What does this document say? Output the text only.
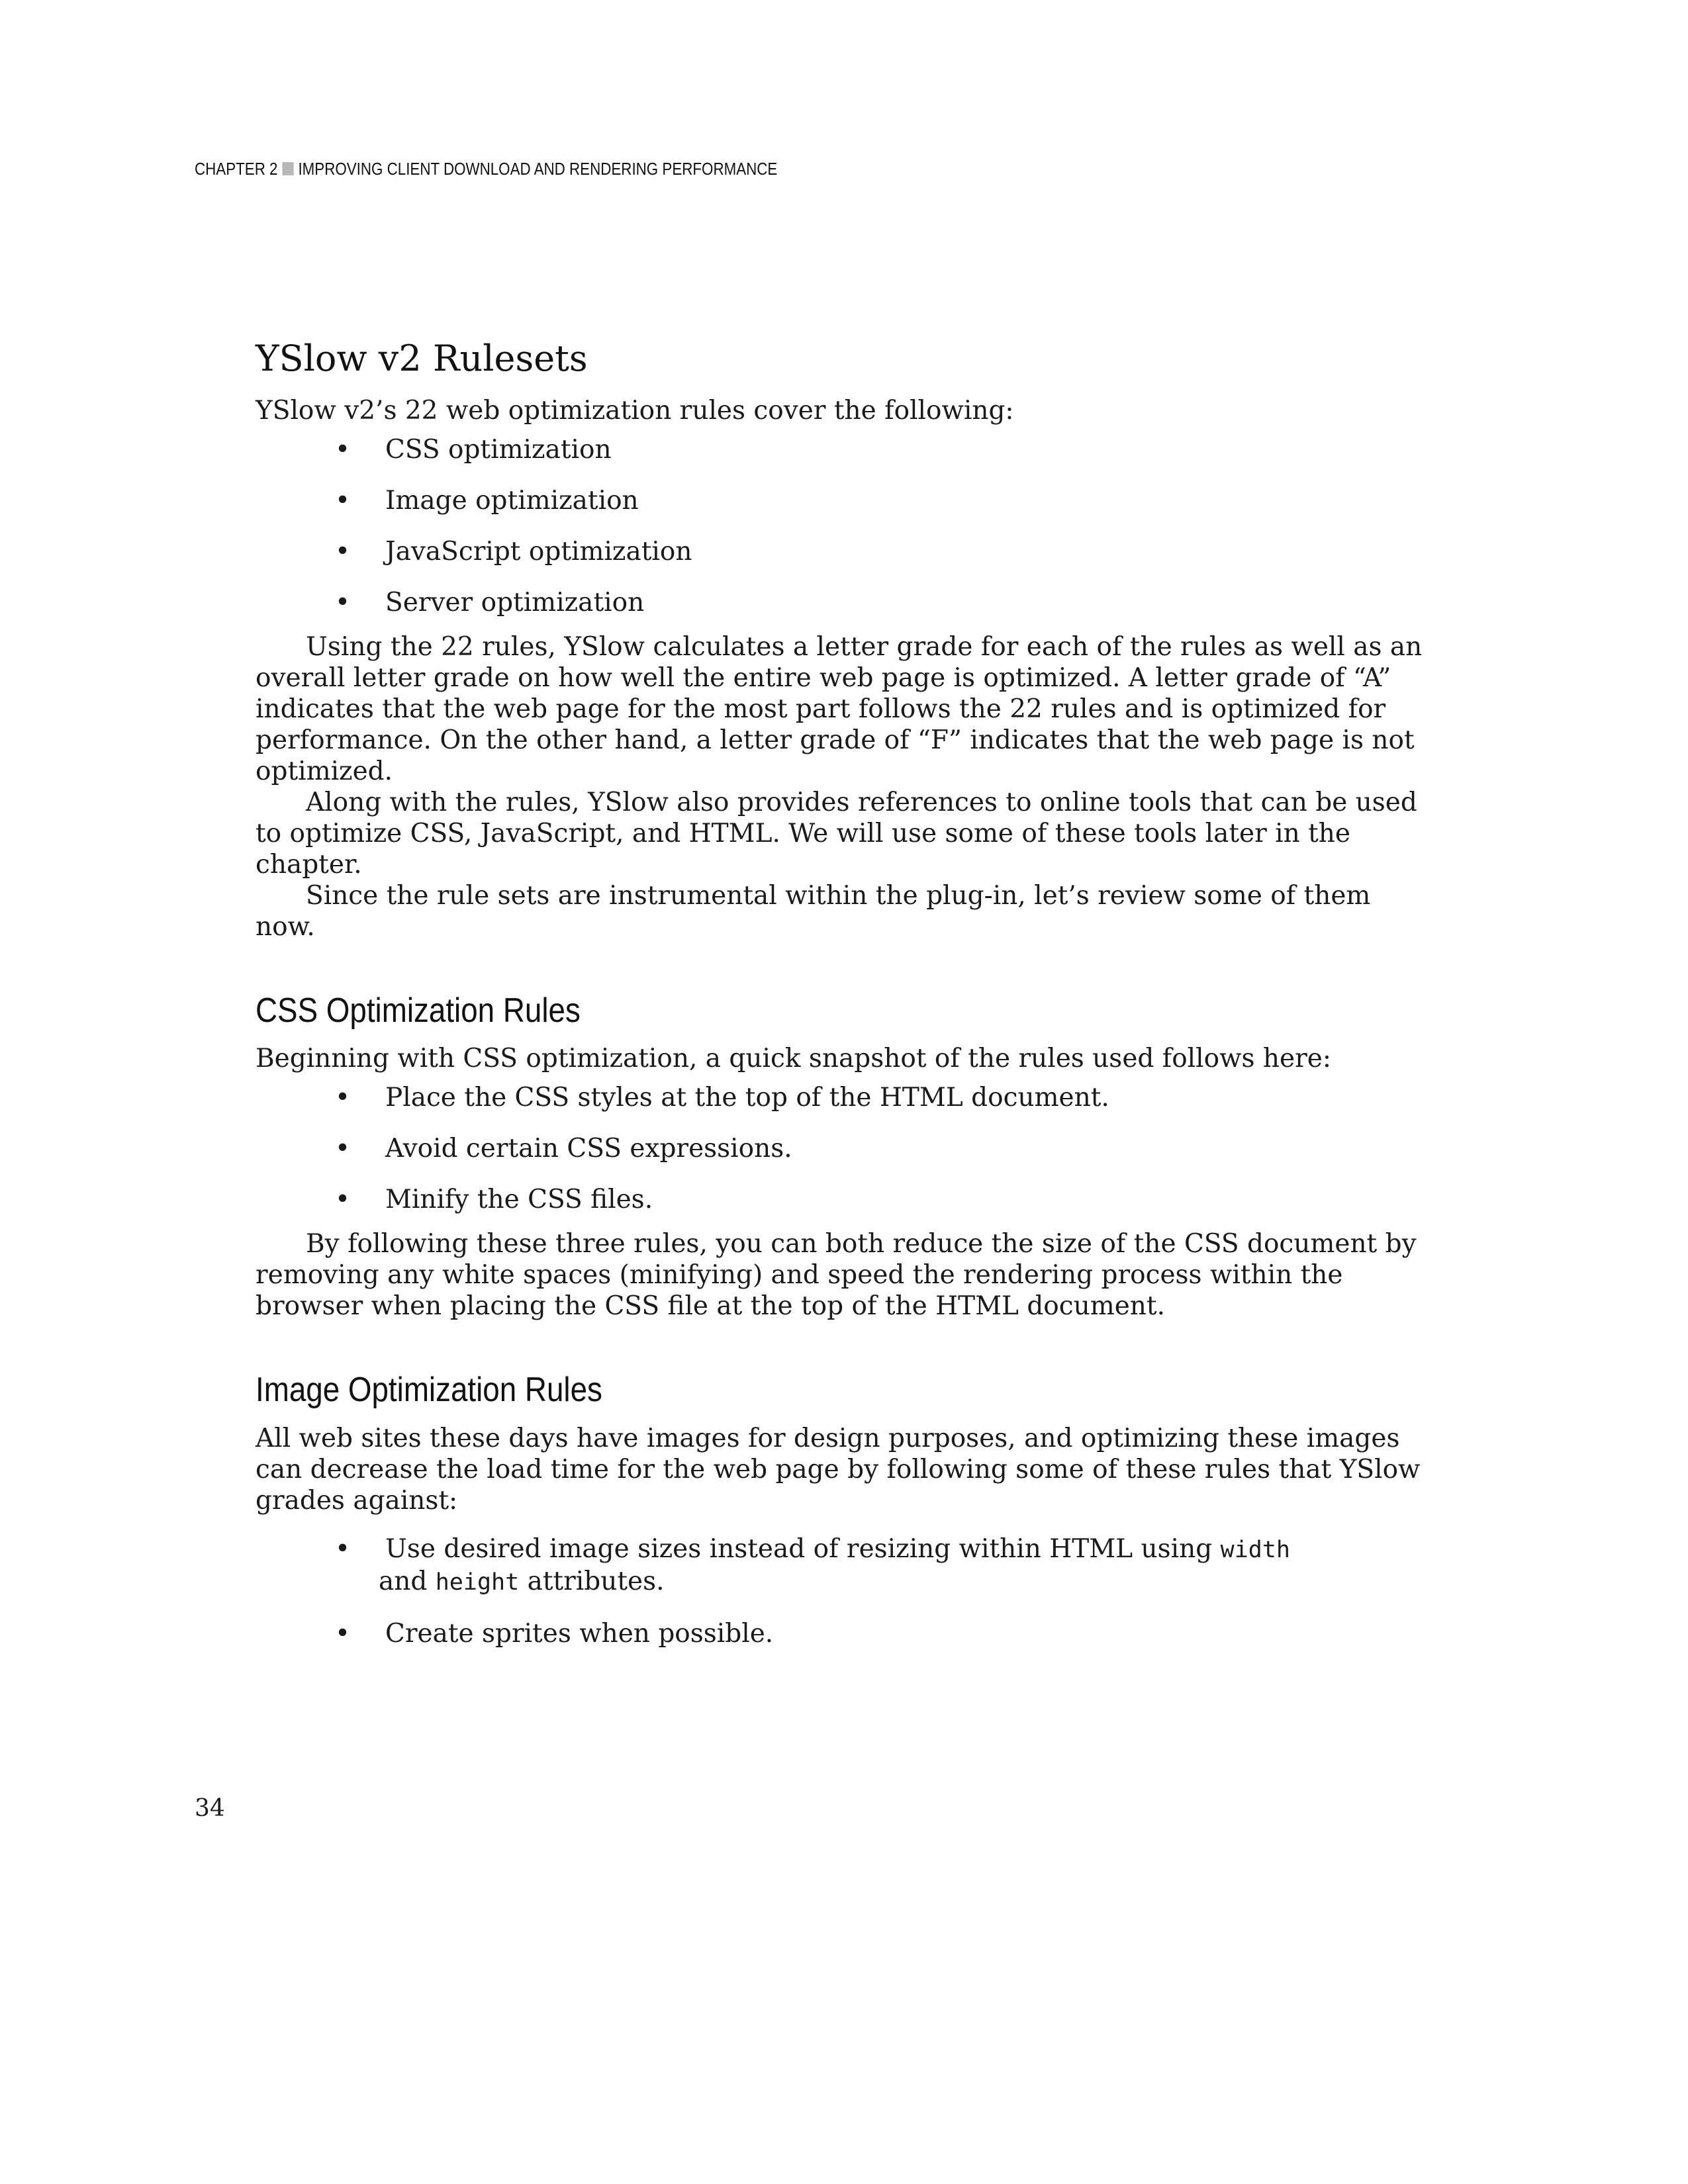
CHAPTER 2 IMPROVING CLIENT DOWNLOAD AND RENDERING PERFORMANCE
YSlow v2 Rulesets

YSlow v2’s 22 web optimization rules cover the following:

• CSS optimization
• Image optimization
• JavaScript optimization
• Server optimization

Using the 22 rules, YSlow calculates a letter grade for each of the rules as well as an overall letter grade on how well the entire web page is optimized. A letter grade of “A” indicates that the web page for the most part follows the 22 rules and is optimized for performance. On the other hand, a letter grade of “F” indicates that the web page is not optimized.

Along with the rules, YSlow also provides references to online tools that can be used to optimize CSS, JavaScript, and HTML. We will use some of these tools later in the chapter.

Since the rule sets are instrumental within the plug-in, let’s review some of them now.

CSS Optimization Rules

Beginning with CSS optimization, a quick snapshot of the rules used follows here:

• Place the CSS styles at the top of the HTML document.
• Avoid certain CSS expressions.
• Minify the CSS files.

By following these three rules, you can both reduce the size of the CSS document by removing any white spaces (minifying) and speed the rendering process within the browser when placing the CSS file at the top of the HTML document.

Image Optimization Rules

All web sites these days have images for design purposes, and optimizing these images can decrease the load time for the web page by following some of these rules that YSlow grades against:

• Use desired image sizes instead of resizing within HTML using width
and height attributes.
• Create sprites when possible.
34
